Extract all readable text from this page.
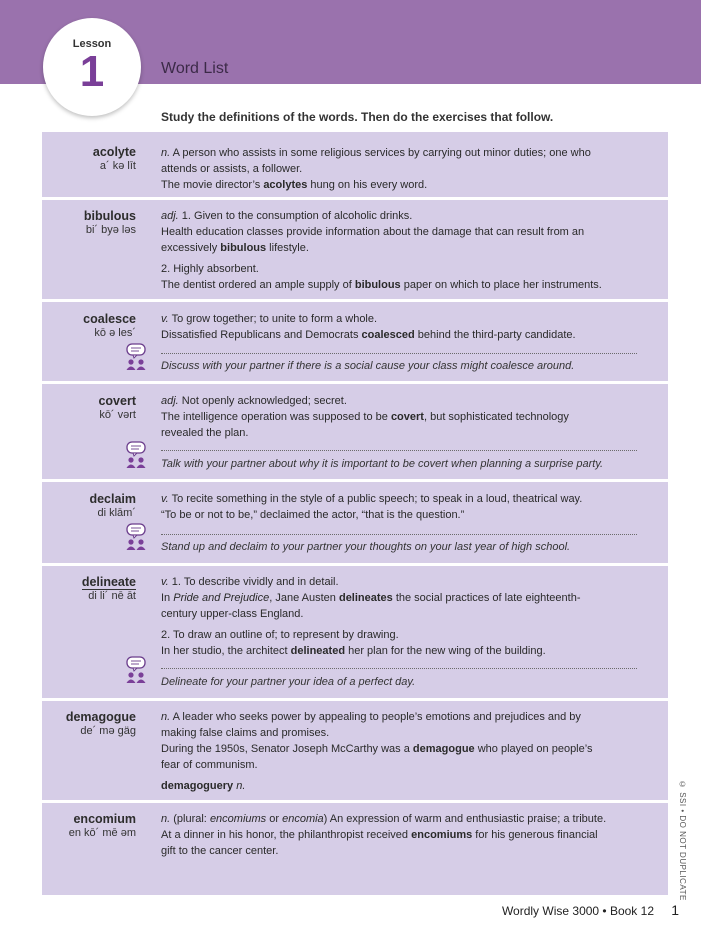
Lesson
1	Word List
Study the definitions of the words. Then do the exercises that follow.
acolyte
a´ kə līt
n. A person who assists in some religious services by carrying out minor duties; one who
attends or assists, a follower.
The movie director’s acolytes hung on his every word.
bibulous
bi´ byə ləs
adj. 1. Given to the consumption of alcoholic drinks.
Health education classes provide information about the damage that can result from an
excessively bibulous lifestyle.
2. Highly absorbent.
The dentist ordered an ample supply of bibulous paper on which to place her instruments.
coalesce
kō ə les´
v. To grow together; to unite to form a whole.
Dissatisfied Republicans and Democrats coalesced behind the third-party candidate.
Discuss with your partner if there is a social cause your class might coalesce around.
covert
kō´ vərt
adj. Not openly acknowledged; secret.
The intelligence operation was supposed to be covert, but sophisticated technology
revealed the plan.
Talk with your partner about why it is important to be covert when planning a surprise party.
declaim
di klām´
v. To recite something in the style of a public speech; to speak in a loud, theatrical way.
“To be or not to be,” declaimed the actor, “that is the question.”
Stand up and declaim to your partner your thoughts on your last year of high school.
delineate
di li´ nē āt
v. 1. To describe vividly and in detail.
In Pride and Prejudice, Jane Austen delineates the social practices of late eighteenth-
century upper-class England.
2. To draw an outline of; to represent by drawing.
In her studio, the architect delineated her plan for the new wing of the building.
Delineate for your partner your idea of a perfect day.
demagogue
de´ mə gäg
n. A leader who seeks power by appealing to people’s emotions and prejudices and by
making false claims and promises.
During the 1950s, Senator Joseph McCarthy was a demagogue who played on people’s
fear of communism.
demagoguery n.
encomium
en kō´ mē əm
n. (plural: encomiums or encomia) An expression of warm and enthusiastic praise; a tribute.
At a dinner in his honor, the philanthropist received encomiums for his generous financial
gift to the cancer center.
Wordly Wise 3000 • Book 12 1
© SSI • DO NOT DUPLICATE
